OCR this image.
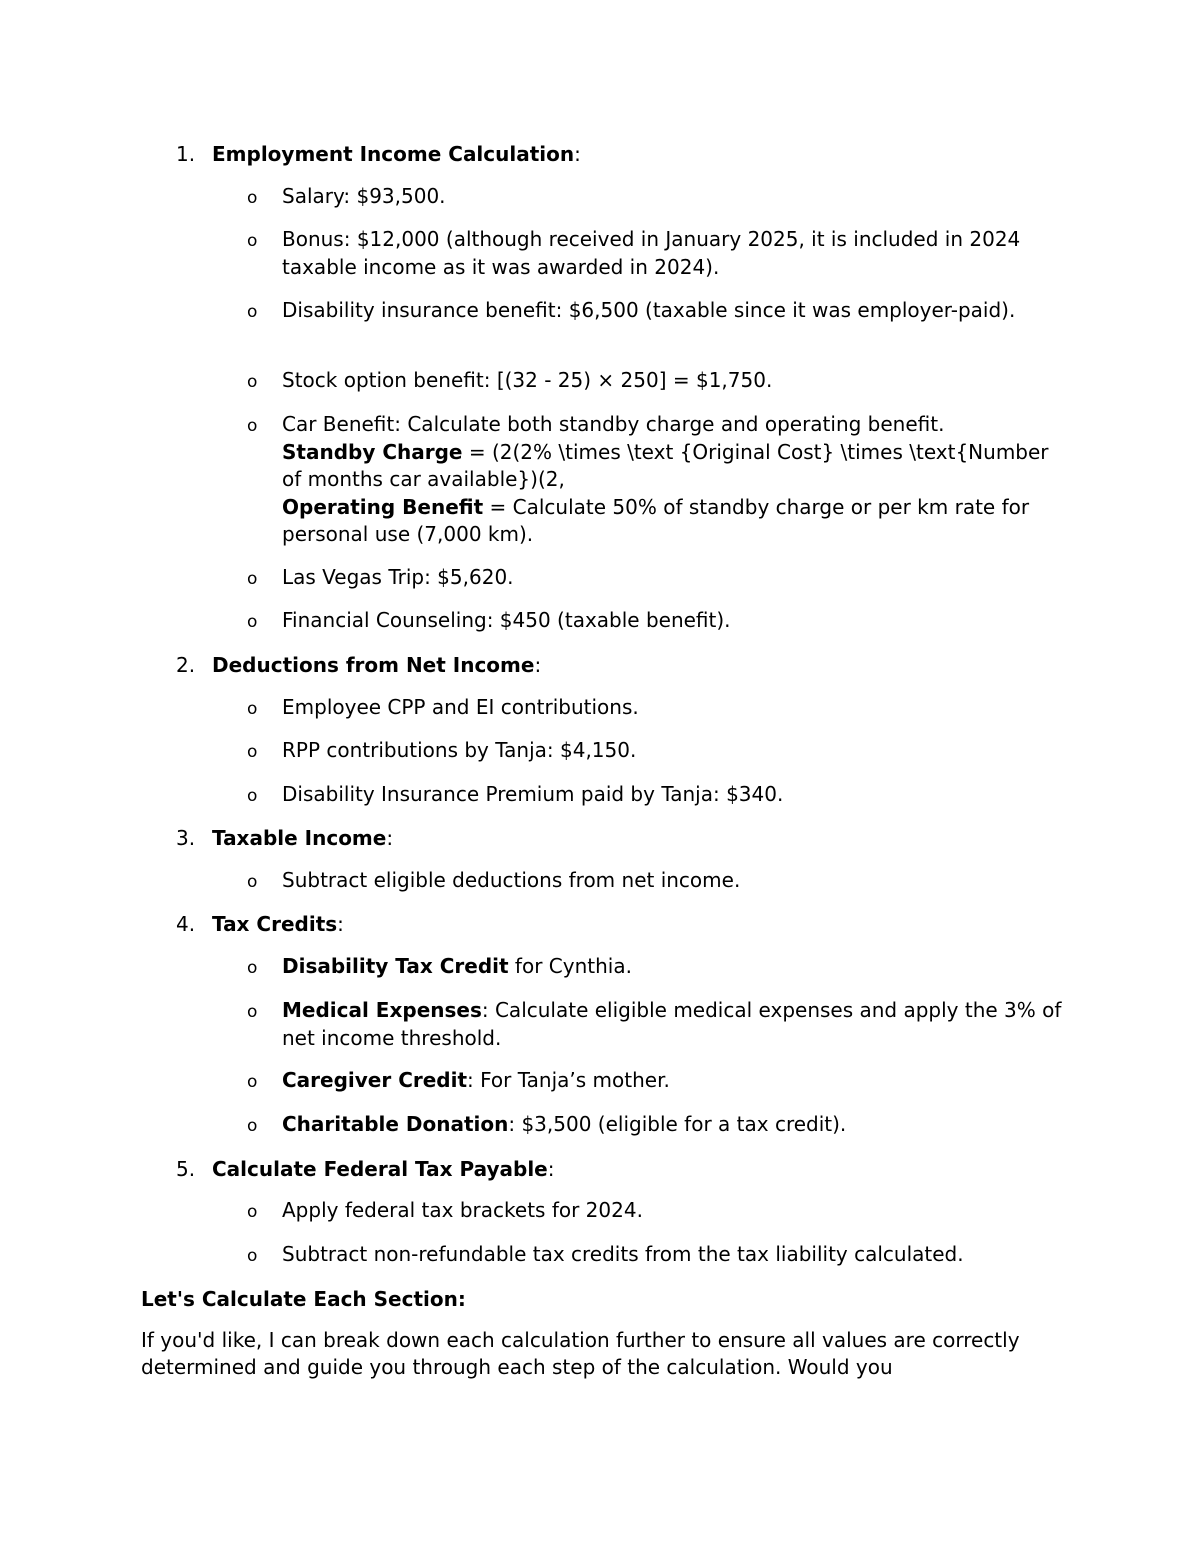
1. Employment Income Calculation:
o Salary: $93,500.
o Bonus: $12,000 (although received in January 2025, it is included in 2024 taxable income as it was awarded in 2024).
o Disability insurance benefit: $6,500 (taxable since it was employer-paid).
o Stock option benefit: [(32 - 25) × 250] = $1,750.
o Car Benefit: Calculate both standby charge and operating benefit.
Standby Charge = (2(2% \times \text {Original Cost} \times \text{Number of months car available})(2,
Operating Benefit = Calculate 50% of standby charge or per km rate for personal use (7,000 km).
o Las Vegas Trip: $5,620.
o Financial Counseling: $450 (taxable benefit).
2. Deductions from Net Income:
o Employee CPP and EI contributions.
o RPP contributions by Tanja: $4,150.
o Disability Insurance Premium paid by Tanja: $340.
3. Taxable Income:
o Subtract eligible deductions from net income.
4. Tax Credits:
o Disability Tax Credit for Cynthia.
o Medical Expenses: Calculate eligible medical expenses and apply the 3% of net income threshold.
o Caregiver Credit: For Tanja’s mother.
o Charitable Donation: $3,500 (eligible for a tax credit).
5. Calculate Federal Tax Payable:
o Apply federal tax brackets for 2024.
o Subtract non-refundable tax credits from the tax liability calculated.
Let's Calculate Each Section:
If you'd like, I can break down each calculation further to ensure all values are correctly determined and guide you through each step of the calculation. Would you
